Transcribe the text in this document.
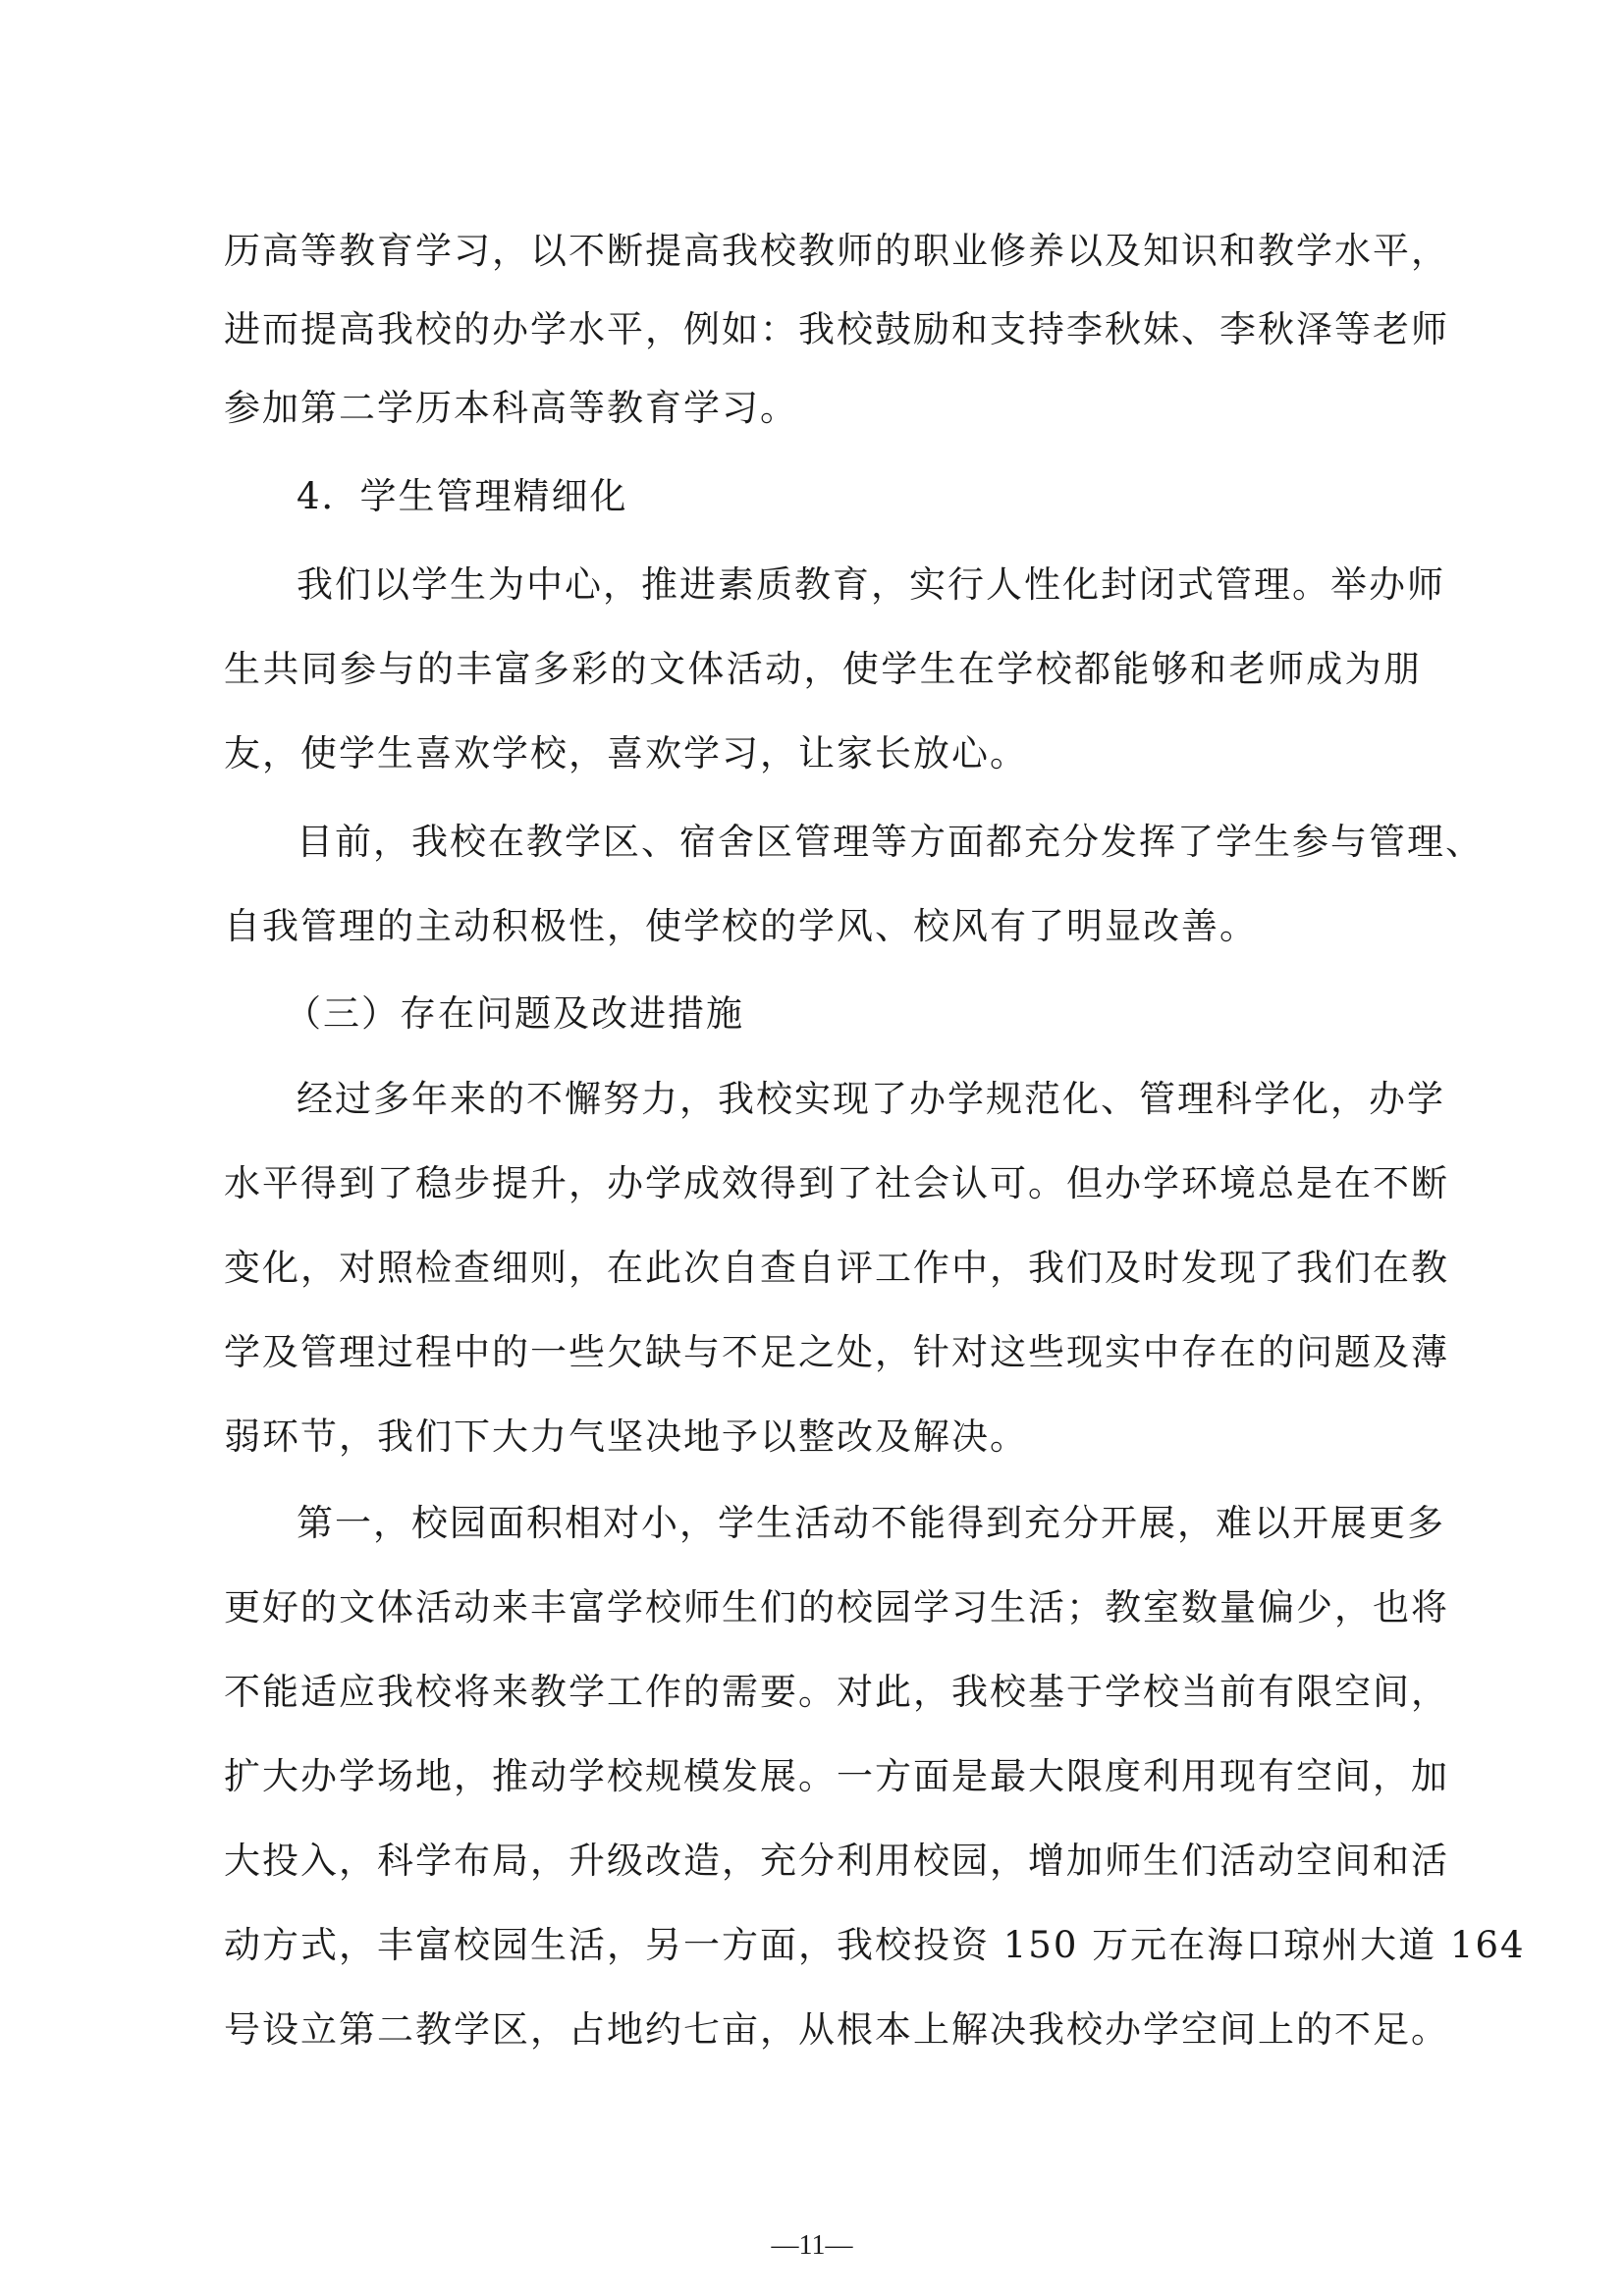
历高等教育学习，以不断提高我校教师的职业修养以及知识和教学水平，
进而提高我校的办学水平，例如：我校鼓励和支持李秋妹、李秋泽等老师
参加第二学历本科高等教育学习。
4．学生管理精细化
我们以学生为中心，推进素质教育，实行人性化封闭式管理。举办师
生共同参与的丰富多彩的文体活动，使学生在学校都能够和老师成为朋
友，使学生喜欢学校，喜欢学习，让家长放心。
目前，我校在教学区、宿舍区管理等方面都充分发挥了学生参与管理、
自我管理的主动积极性，使学校的学风、校风有了明显改善。
（三）存在问题及改进措施
经过多年来的不懈努力，我校实现了办学规范化、管理科学化，办学
水平得到了稳步提升，办学成效得到了社会认可。但办学环境总是在不断
变化，对照检查细则，在此次自查自评工作中，我们及时发现了我们在教
学及管理过程中的一些欠缺与不足之处，针对这些现实中存在的问题及薄
弱环节，我们下大力气坚决地予以整改及解决。
第一，校园面积相对小，学生活动不能得到充分开展，难以开展更多
更好的文体活动来丰富学校师生们的校园学习生活；教室数量偏少，也将
不能适应我校将来教学工作的需要。对此，我校基于学校当前有限空间，
扩大办学场地，推动学校规模发展。一方面是最大限度利用现有空间，加
大投入，科学布局，升级改造，充分利用校园，增加师生们活动空间和活
动方式，丰富校园生活，另一方面，我校投资 150 万元在海口琼州大道 164
号设立第二教学区，占地约七亩，从根本上解决我校办学空间上的不足。
—11—
